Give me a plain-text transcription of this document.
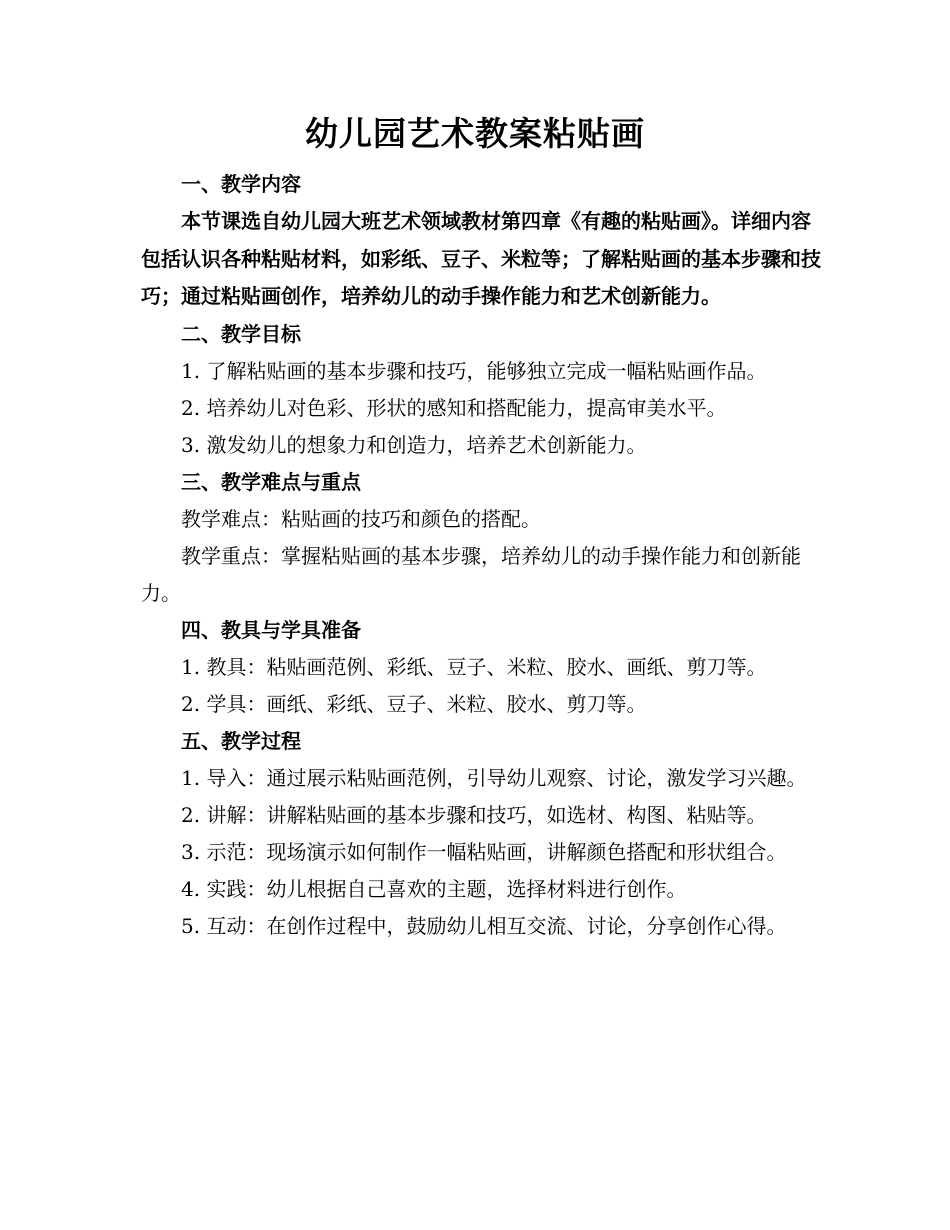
幼儿园艺术教案粘贴画

一、教学内容

本节课选自幼儿园大班艺术领域教材第四章《有趣的粘贴画》。详细内容包括认识各种粘贴材料，如彩纸、豆子、米粒等；了解粘贴画的基本步骤和技巧；通过粘贴画创作，培养幼儿的动手操作能力和艺术创新能力。

二、教学目标

1. 了解粘贴画的基本步骤和技巧，能够独立完成一幅粘贴画作品。

2. 培养幼儿对色彩、形状的感知和搭配能力，提高审美水平。

3. 激发幼儿的想象力和创造力，培养艺术创新能力。

三、教学难点与重点

教学难点：粘贴画的技巧和颜色的搭配。

教学重点：掌握粘贴画的基本步骤，培养幼儿的动手操作能力和创新能力。

四、教具与学具准备

1. 教具：粘贴画范例、彩纸、豆子、米粒、胶水、画纸、剪刀等。

2. 学具：画纸、彩纸、豆子、米粒、胶水、剪刀等。

五、教学过程

1. 导入：通过展示粘贴画范例，引导幼儿观察、讨论，激发学习兴趣。

2. 讲解：讲解粘贴画的基本步骤和技巧，如选材、构图、粘贴等。

3. 示范：现场演示如何制作一幅粘贴画，讲解颜色搭配和形状组合。

4. 实践：幼儿根据自己喜欢的主题，选择材料进行创作。

5. 互动：在创作过程中，鼓励幼儿相互交流、讨论，分享创作心得。
